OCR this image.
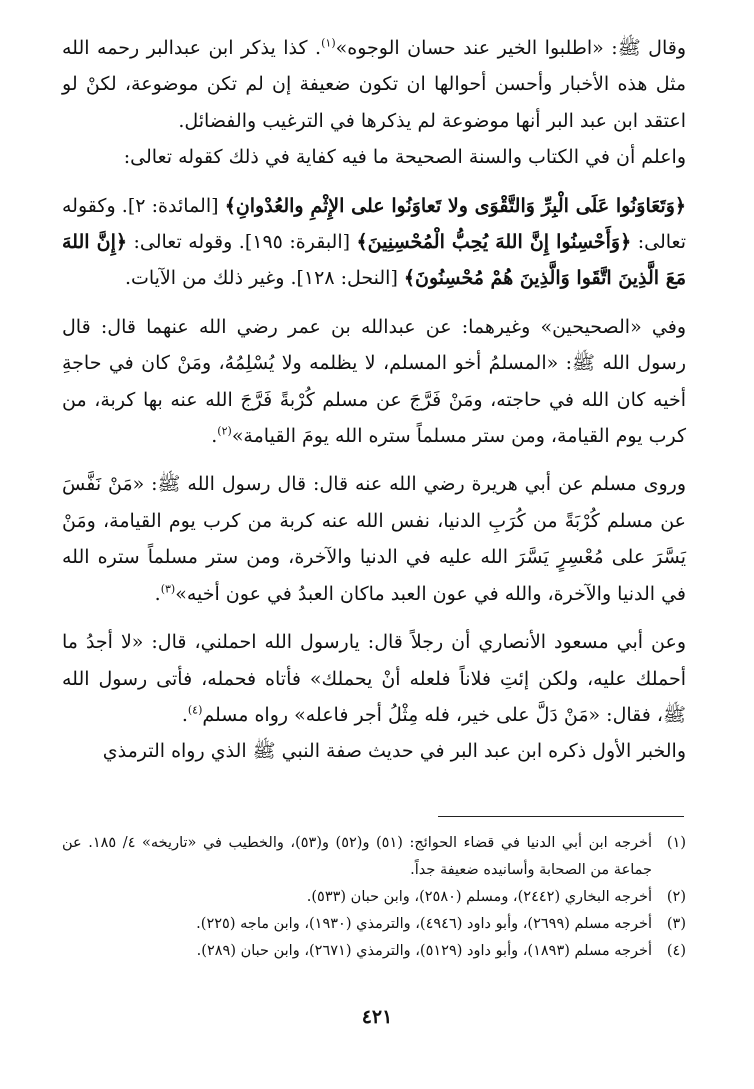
وقال ﷺ: «اطلبوا الخير عند حسان الوجوه»$^{(١)}$. كذا يذكر ابن عبدالبر رحمه الله مثل هذه الأخبار وأحسن أحوالها ان تكون ضعيفة إن لم تكن موضوعة، لكنْ لو اعتقد ابن عبد البر أنها موضوعة لم يذكرها في الترغيب والفضائل.

واعلم أن في الكتاب والسنة الصحيحة ما فيه كفاية في ذلك كقوله تعالى:

﴿وَتَعَاوَنُوا عَلَى الْبِرِّ وَالتَّقْوَى ولا تَعاوَنُوا على الإِثْمِ والعُدْوانِ﴾ [المائدة: ٢]. وكقوله تعالى: ﴿وَأَحْسِنُوا إِنَّ اللهَ يُحِبُّ الْمُحْسِنِينَ﴾ [البقرة: ١٩٥]. وقوله تعالى: ﴿إِنَّ اللهَ مَعَ الَّذِينَ اتَّقَوا وَالَّذِينَ هُمْ مُحْسِنُونَ﴾ [النحل: ١٢٨]. وغير ذلك من الآيات.

وفي «الصحيحين» وغيرهما: عن عبدالله بن عمر رضي الله عنهما قال: قال رسول الله ﷺ: «المسلمُ أخو المسلم، لا يظلمه ولا يُسْلِمُهُ، ومَنْ كان في حاجةِ أخيه كان الله في حاجته، ومَنْ فَرَّجَ عن مسلم كُرْبةً فَرَّجَ الله عنه بها كربة، من كرب يوم القيامة، ومن ستر مسلماً ستره الله يومَ القيامة»$^{(٢)}$.

وروى مسلم عن أبي هريرة رضي الله عنه قال: قال رسول الله ﷺ: «مَنْ نَفَّسَ عن مسلم كُرْبَةً من كُرَبِ الدنيا، نفس الله عنه كربة من كرب يوم القيامة، ومَنْ يَسَّرَ على مُعْسِرٍ يَسَّرَ الله عليه في الدنيا والآخرة، ومن ستر مسلماً ستره الله في الدنيا والآخرة، والله في عون العبد ماكان العبدُ في عون أخيه»$^{(٣)}$.

وعن أبي مسعود الأنصاري أن رجلاً قال: يارسول الله احملني، قال: «لا أجدُ ما أحملك عليه، ولكن إئتِ فلاناً فلعله أنْ يحملك» فأتاه فحمله، فأتى رسول الله ﷺ، فقال: «مَنْ دَلَّ على خير، فله مِثْلُ أجر فاعله» رواه مسلم$^{(٤)}$.

والخبر الأول ذكره ابن عبد البر في حديث صفة النبي ﷺ الذي رواه الترمذي

(١)
أخرجه ابن أبي الدنيا في قضاء الحوائج: (٥١) و(٥٢) و(٥٣)، والخطيب في «تاريخه» ٤/ ١٨٥. عن جماعة من الصحابة وأسانيده ضعيفة جداً.
(٢)
أخرجه البخاري (٢٤٤٢)، ومسلم (٢٥٨٠)، وابن حبان (٥٣٣).
(٣)
أخرجه مسلم (٢٦٩٩)، وأبو داود (٤٩٤٦)، والترمذي (١٩٣٠)، وابن ماجه (٢٢٥).
(٤)
أخرجه مسلم (١٨٩٣)، وأبو داود (٥١٢٩)، والترمذي (٢٦٧١)، وابن حبان (٢٨٩).
٤٢١
